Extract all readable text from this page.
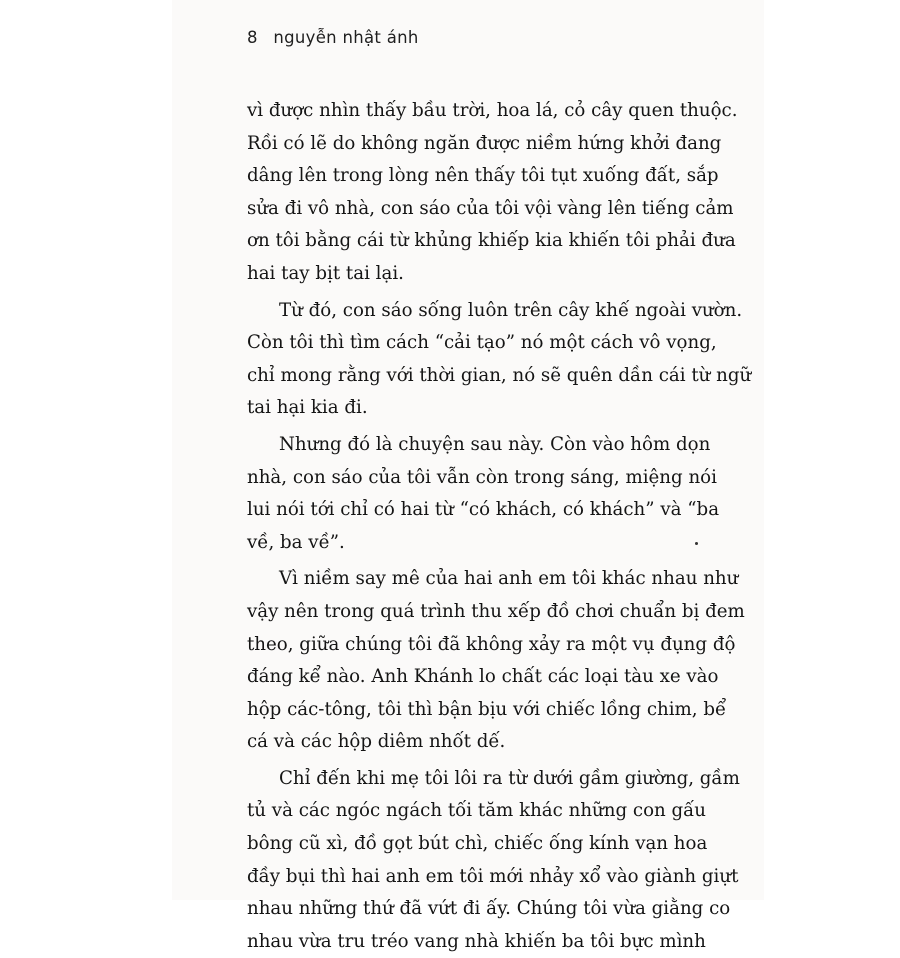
8 nguyễn nhật ánh
vì được nhìn thấy bầu trời, hoa lá, cỏ cây quen thuộc.
Rồi có lẽ do không ngăn được niềm hứng khởi đang
dâng lên trong lòng nên thấy tôi tụt xuống đất, sắp
sửa đi vô nhà, con sáo của tôi vội vàng lên tiếng cảm
ơn tôi bằng cái từ khủng khiếp kia khiến tôi phải đưa
hai tay bịt tai lại.
Từ đó, con sáo sống luôn trên cây khế ngoài vườn.
Còn tôi thì tìm cách “cải tạo” nó một cách vô vọng,
chỉ mong rằng với thời gian, nó sẽ quên dần cái từ ngữ
tai hại kia đi.
Nhưng đó là chuyện sau này. Còn vào hôm dọn
nhà, con sáo của tôi vẫn còn trong sáng, miệng nói
lui nói tới chỉ có hai từ “có khách, có khách” và “ba
về, ba về”.
Vì niềm say mê của hai anh em tôi khác nhau như
vậy nên trong quá trình thu xếp đồ chơi chuẩn bị đem
theo, giữa chúng tôi đã không xảy ra một vụ đụng độ
đáng kể nào. Anh Khánh lo chất các loại tàu xe vào
hộp các-tông, tôi thì bận bịu với chiếc lồng chim, bể
cá và các hộp diêm nhốt dế.
Chỉ đến khi mẹ tôi lôi ra từ dưới gầm giường, gầm
tủ và các ngóc ngách tối tăm khác những con gấu
bông cũ xì, đồ gọt bút chì, chiếc ống kính vạn hoa
đầy bụi thì hai anh em tôi mới nhảy xổ vào giành giựt
nhau những thứ đã vứt đi ấy. Chúng tôi vừa giằng co
nhau vừa tru tréo vang nhà khiến ba tôi bực mình
